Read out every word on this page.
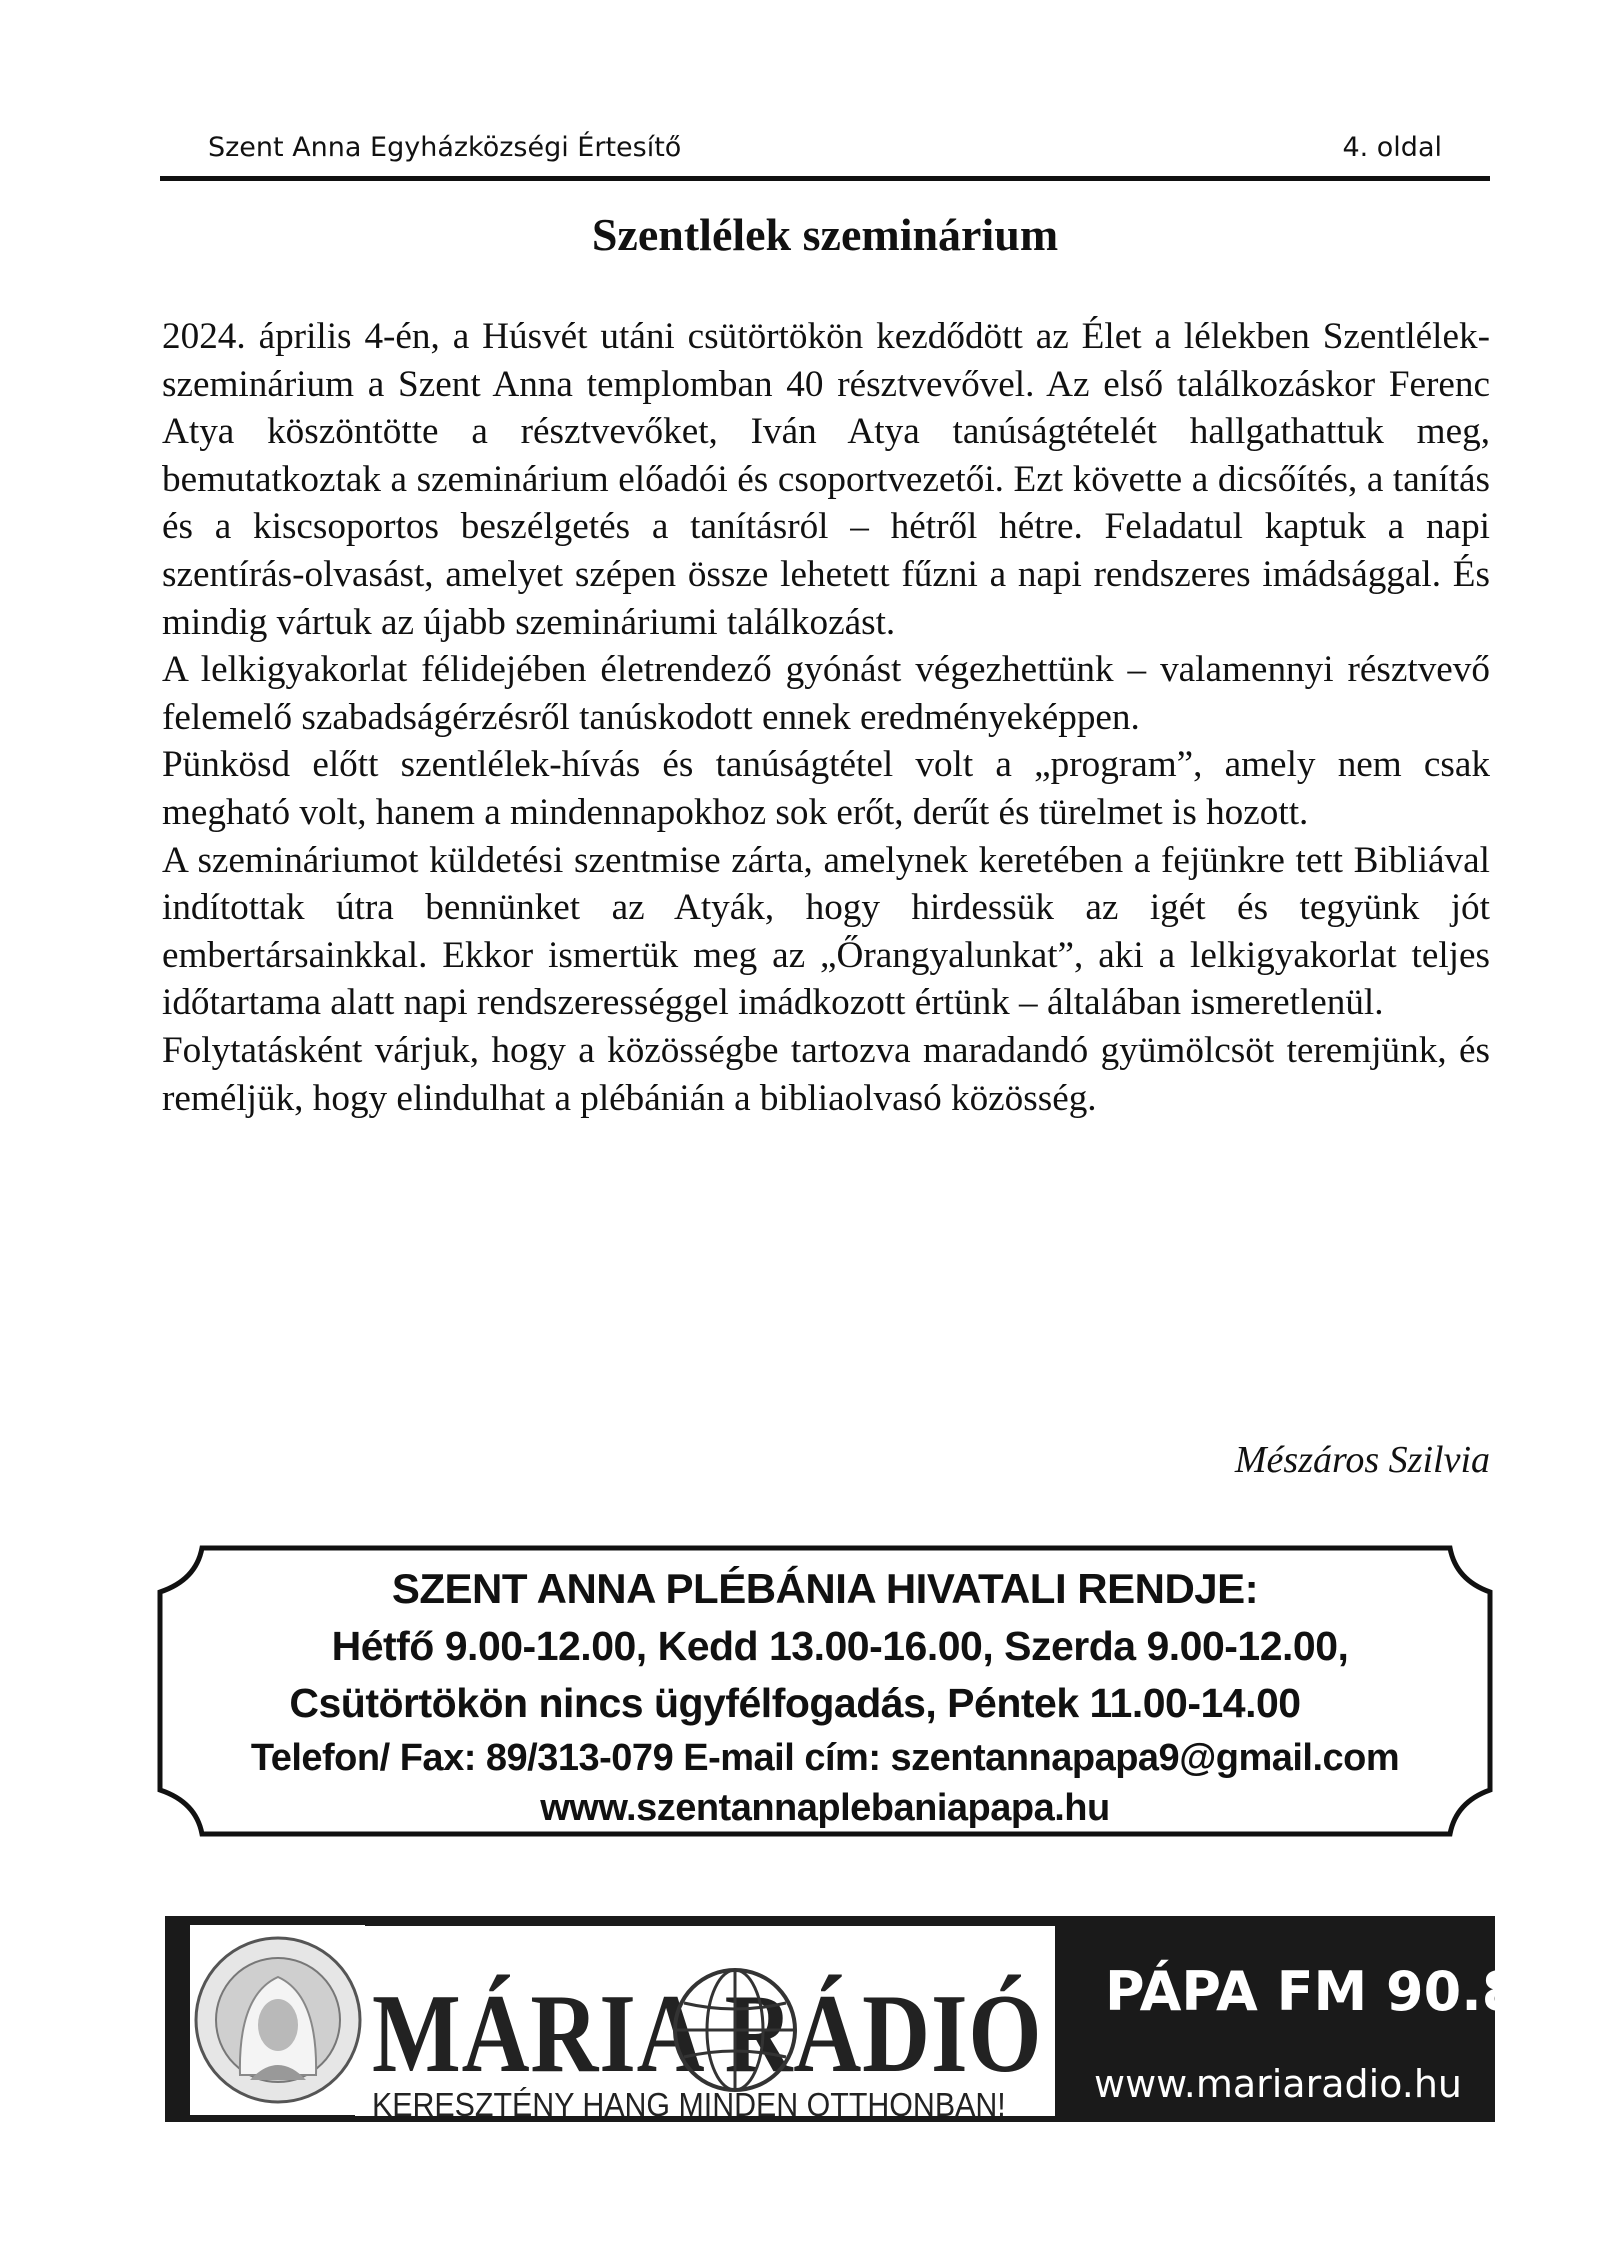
Szent Anna Egyházközségi Értesítő	4. oldal
Szentlélek szeminárium

2024. április 4-én, a Húsvét utáni csütörtökön kezdődött az Élet a lélekben Szentlélek-szeminárium a Szent Anna templomban 40 résztvevővel. Az első találkozáskor Ferenc Atya köszöntötte a résztvevőket, Iván Atya tanúságtételét hallgathattuk meg, bemutatkoztak a szeminárium előadói és csoportvezetői. Ezt követte a dicsőítés, a tanítás és a kiscsoportos beszélgetés a tanításról – hétről hétre. Feladatul kaptuk a napi szentírás-olvasást, amelyet szépen össze lehetett fűzni a napi rendszeres imádsággal. És mindig vártuk az újabb szemináriumi találkozást.

A lelkigyakorlat félidejében életrendező gyónást végezhettünk – valamennyi résztvevő felemelő szabadságérzésről tanúskodott ennek eredményeképpen.

Pünkösd előtt szentlélek-hívás és tanúságtétel volt a „program”, amely nem csak megható volt, hanem a mindennapokhoz sok erőt, derűt és türelmet is hozott.

A szemináriumot küldetési szentmise zárta, amelynek keretében a fejünkre tett Bibliával indítottak útra bennünket az Atyák, hogy hirdessük az igét és tegyünk jót embertársainkkal. Ekkor ismertük meg az „Őrangyalunkat”, aki a lelkigyakorlat teljes időtartama alatt napi rendszerességgel imádkozott értünk – általában ismeretlenül.

Folytatásként várjuk, hogy a közösségbe tartozva maradandó gyümölcsöt teremjünk, és reméljük, hogy elindulhat a plébánián a bibliaolvasó közösség.

Mészáros Szilvia
SZENT ANNA PLÉBÁNIA HIVATALI RENDJE:
Hétfő 9.00-12.00, Kedd 13.00-16.00, Szerda 9.00-12.00,
Csütörtökön nincs ügyfélfogadás, Péntek 11.00-14.00
Telefon/ Fax: 89/313-079 E-mail cím: szentannapapa9@gmail.com
www.szentannaplebaniapapa.hu
MÁRIA RÁDIÓ
KERESZTÉNY HANG MINDEN OTTHONBAN!
PÁPA FM 90.8
www.mariaradio.hu
